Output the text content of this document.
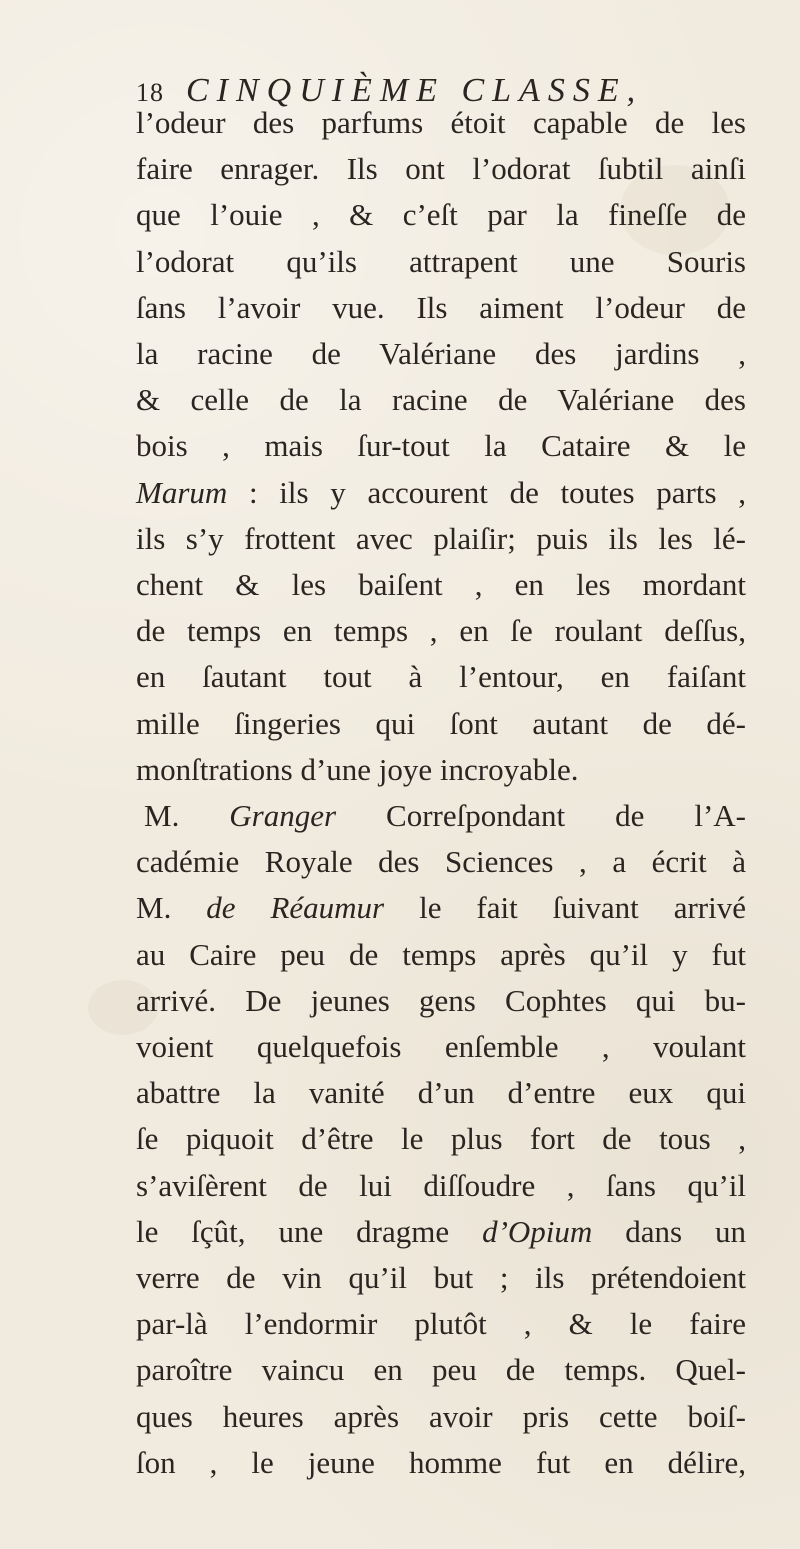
18 CINQUIÈME CLASSE,
l’odeur des parfums étoit capable de les
faire enrager. Ils ont l’odorat ſubtil ainſi
que l’ouie , & c’eſt par la fineſſe de
l’odorat qu’ils attrapent une Souris
ſans l’avoir vue. Ils aiment l’odeur de
la racine de Valériane des jardins ,
& celle de la racine de Valériane des
bois , mais ſur-tout la Cataire & le
Marum : ils y accourent de toutes parts ,
ils s’y frottent avec plaiſir; puis ils les lé-
chent & les baiſent , en les mordant
de temps en temps , en ſe roulant deſſus,
en ſautant tout à l’entour, en faiſant
mille ſingeries qui ſont autant de dé-
monſtrations d’une joye incroyable.
M. Granger Correſpondant de l’A-
cadémie Royale des Sciences , a écrit à
M. de Réaumur le fait ſuivant arrivé
au Caire peu de temps après qu’il y fut
arrivé. De jeunes gens Cophtes qui bu-
voient quelquefois enſemble , voulant
abattre la vanité d’un d’entre eux qui
ſe piquoit d’être le plus fort de tous ,
s’aviſèrent de lui diſſoudre , ſans qu’il
le ſçût, une dragme d’Opium dans un
verre de vin qu’il but ; ils prétendoient
par-là l’endormir plutôt , & le faire
paroître vaincu en peu de temps. Quel-
ques heures après avoir pris cette boiſ-
ſon , le jeune homme fut en délire,
